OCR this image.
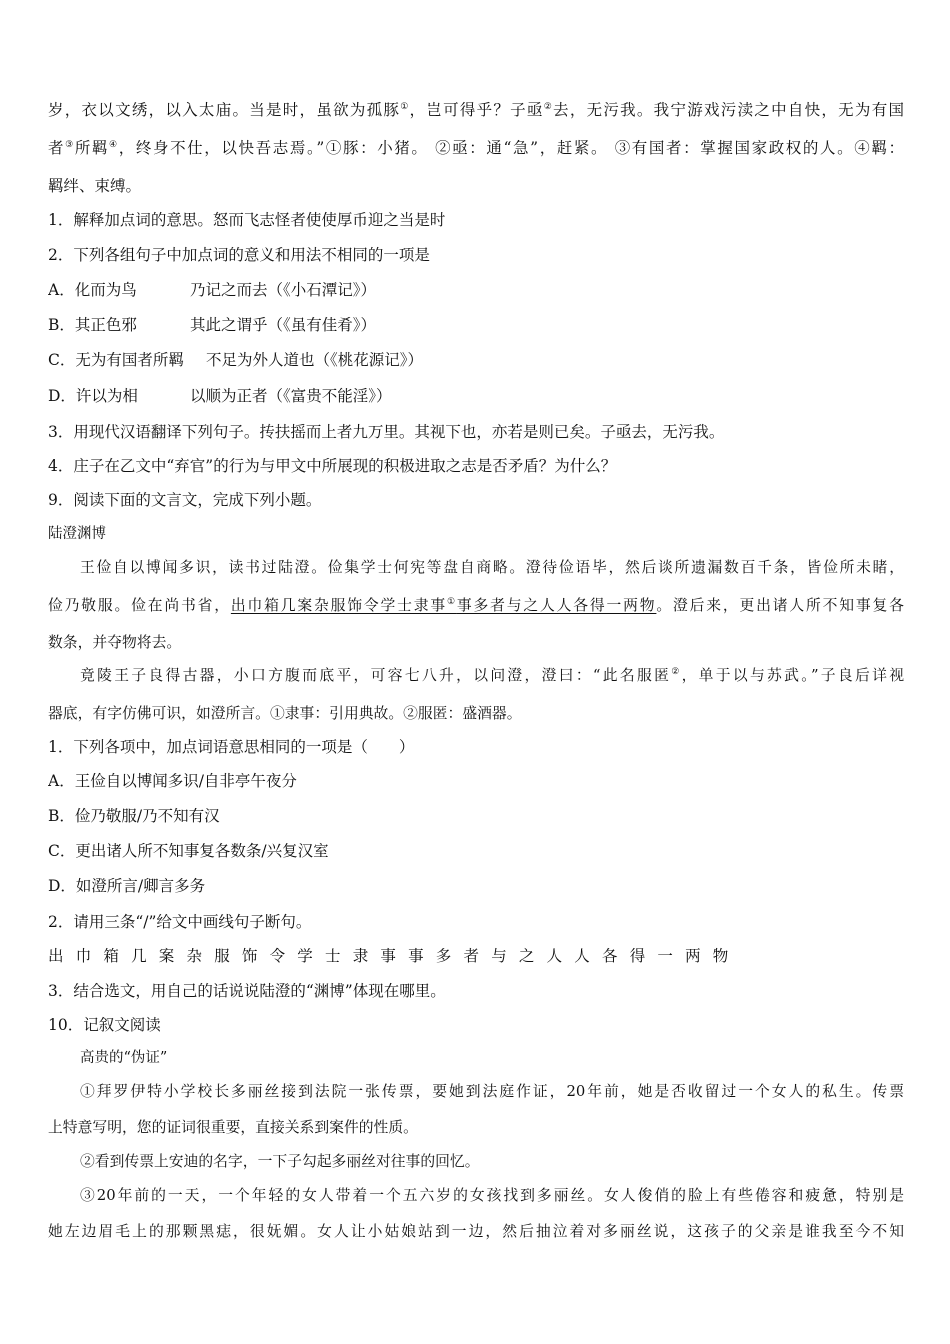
岁，衣以文绣，以入太庙。当是时，虽欲为孤豚①，岂可得乎？子亟②去，无污我。我宁游戏污渎之中自快，无为有国
者③所羁④，终身不仕，以快吾志焉。”①豚：小猪。 ②亟：通“急”，赶紧。 ③有国者：掌握国家政权的人。④羁：
羁绊、束缚。
1．解释加点词的意思。怒而飞志怪者使使厚币迎之当是时
2．下列各组句子中加点词的意义和用法不相同的一项是
A．化而为鸟	乃记之而去（《小石潭记》）
B．其正色邪	其此之谓乎（《虽有佳肴》）
C．无为有国者所羁 不足为外人道也（《桃花源记》）
D．许以为相	以顺为正者（《富贵不能淫》）
3．用现代汉语翻译下列句子。抟扶摇而上者九万里。其视下也，亦若是则已矣。子亟去，无污我。
4．庄子在乙文中“弃官”的行为与甲文中所展现的积极进取之志是否矛盾？为什么？
9．阅读下面的文言文，完成下列小题。
陆澄渊博
王俭自以博闻多识，读书过陆澄。俭集学士何宪等盘自商略。澄待俭语毕，然后谈所遗漏数百千条，皆俭所未睹，
俭乃敬服。俭在尚书省，出巾箱几案杂服饰令学士隶事①事多者与之人人各得一两物。澄后来，更出诸人所不知事复各
数条，并夺物将去。
竟陵王子良得古器，小口方腹而底平，可容七八升，以问澄，澄曰：“此名服匿②，单于以与苏武。”子良后详视
器底，有字仿佛可识，如澄所言。①隶事：引用典故。②服匿：盛酒器。
1．下列各项中，加点词语意思相同的一项是（　　）
A．王俭自以博闻多识/自非亭午夜分
B．俭乃敬服/乃不知有汉
C．更出诸人所不知事复各数条/兴复汉室
D．如澄所言/卿言多务
2．请用三条“/”给文中画线句子断句。
出巾箱几案杂服饰令学士隶事事多者与之人人各得一两物
3．结合选文，用自己的话说说陆澄的“渊博”体现在哪里。
10．记叙文阅读
高贵的“伪证”
①拜罗伊特小学校长多丽丝接到法院一张传票，要她到法庭作证，20年前，她是否收留过一个女人的私生。传票
上特意写明，您的证词很重要，直接关系到案件的性质。
②看到传票上安迪的名字，一下子勾起多丽丝对往事的回忆。
③20年前的一天，一个年轻的女人带着一个五六岁的女孩找到多丽丝。女人俊俏的脸上有些倦容和疲惫，特别是
她左边眉毛上的那颗黑痣，很妩媚。女人让小姑娘站到一边，然后抽泣着对多丽丝说，这孩子的父亲是谁我至今不知
